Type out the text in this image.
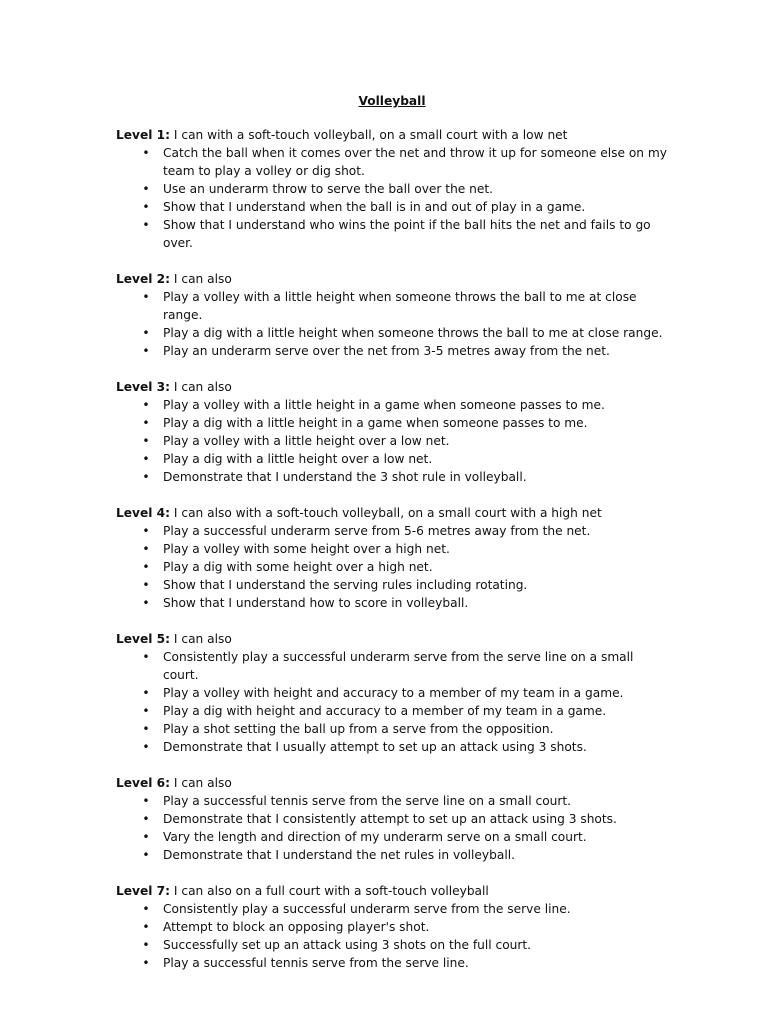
Volleyball

Level 1: I can with a soft-touch volleyball, on a small court with a low net

• Catch the ball when it comes over the net and throw it up for someone else on my team to play a volley or dig shot.
• Use an underarm throw to serve the ball over the net.
• Show that I understand when the ball is in and out of play in a game.
• Show that I understand who wins the point if the ball hits the net and fails to go over.

Level 2: I can also

• Play a volley with a little height when someone throws the ball to me at close range.
• Play a dig with a little height when someone throws the ball to me at close range.
• Play an underarm serve over the net from 3-5 metres away from the net.

Level 3: I can also

• Play a volley with a little height in a game when someone passes to me.
• Play a dig with a little height in a game when someone passes to me.
• Play a volley with a little height over a low net.
• Play a dig with a little height over a low net.
• Demonstrate that I understand the 3 shot rule in volleyball.

Level 4: I can also with a soft-touch volleyball, on a small court with a high net

• Play a successful underarm serve from 5-6 metres away from the net.
• Play a volley with some height over a high net.
• Play a dig with some height over a high net.
• Show that I understand the serving rules including rotating.
• Show that I understand how to score in volleyball.

Level 5: I can also

• Consistently play a successful underarm serve from the serve line on a small court.
• Play a volley with height and accuracy to a member of my team in a game.
• Play a dig with height and accuracy to a member of my team in a game.
• Play a shot setting the ball up from a serve from the opposition.
• Demonstrate that I usually attempt to set up an attack using 3 shots.

Level 6: I can also

• Play a successful tennis serve from the serve line on a small court.
• Demonstrate that I consistently attempt to set up an attack using 3 shots.
• Vary the length and direction of my underarm serve on a small court.
• Demonstrate that I understand the net rules in volleyball.

Level 7: I can also on a full court with a soft-touch volleyball

• Consistently play a successful underarm serve from the serve line.
• Attempt to block an opposing player's shot.
• Successfully set up an attack using 3 shots on the full court.
• Play a successful tennis serve from the serve line.
